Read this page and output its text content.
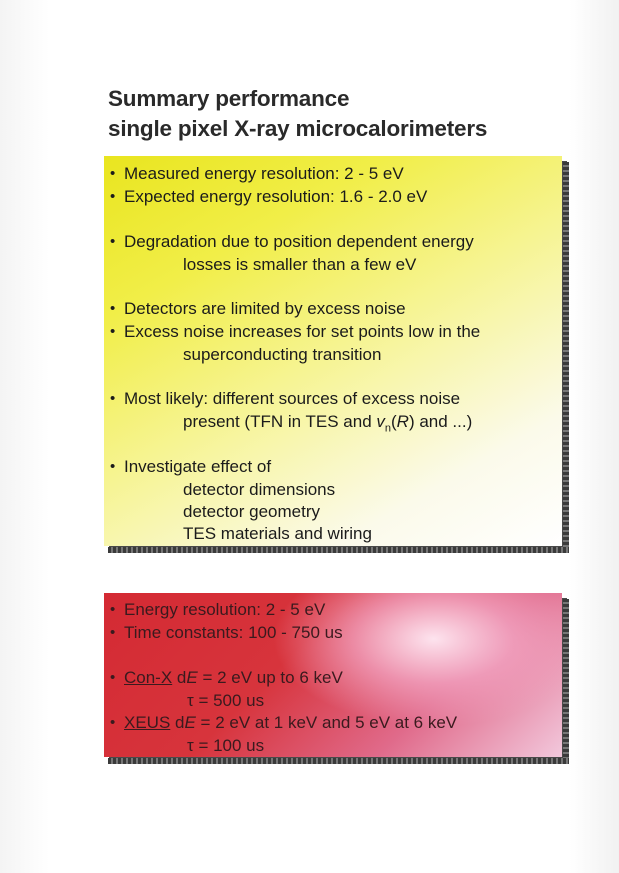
Summary performance
single pixel X-ray microcalorimeters
• Measured energy resolution: 2 - 5 eV
• Expected energy resolution: 1.6 - 2.0 eV
• Degradation due to position dependent energy
losses is smaller than a few eV
• Detectors are limited by excess noise
• Excess noise increases for set points low in the
superconducting transition
• Most likely: different sources of excess noise
present (TFN in TES and $v_n(R)$ and ...)
• Investigate effect of
detector dimensions
detector geometry
TES materials and wiring
• Energy resolution: 2 - 5 eV
• Time constants: 100 - 750 us
• Con-X dE = 2 eV up to 6 keV
τ = 500 us
• XEUS dE = 2 eV at 1 keV and 5 eV at 6 keV
τ = 100 us
